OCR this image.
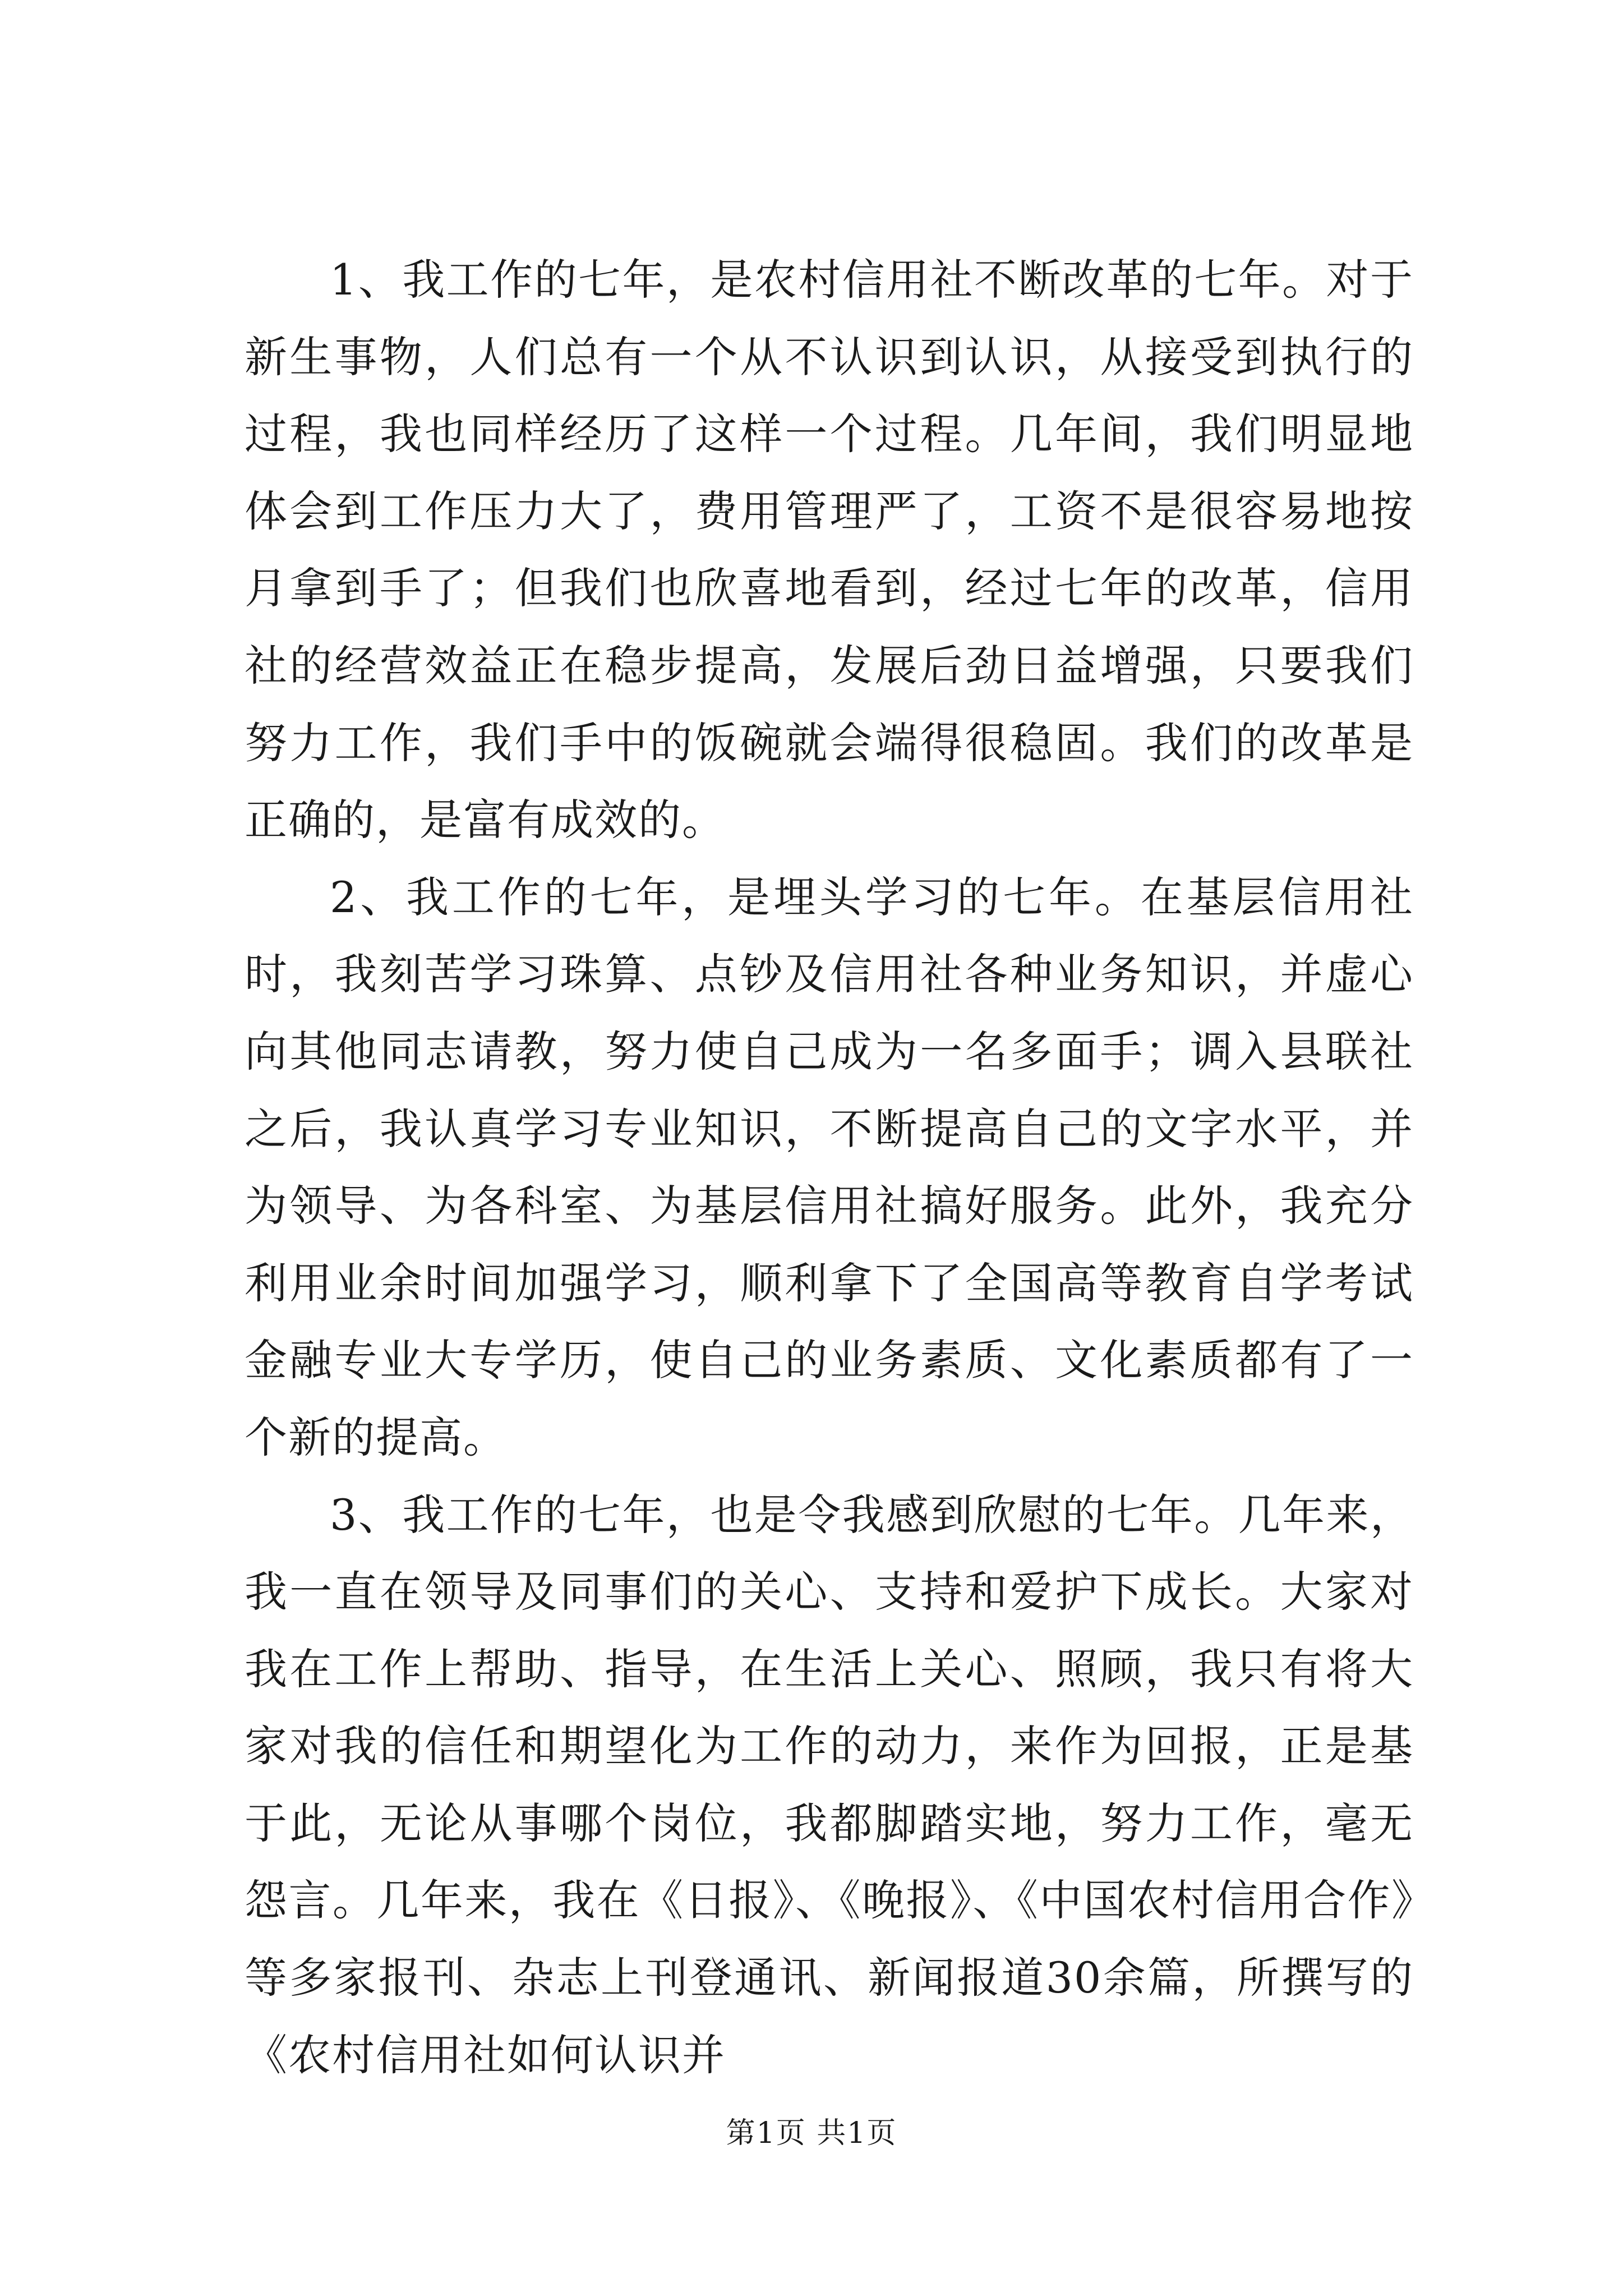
1、我工作的七年，是农村信用社不断改革的七年。对于新生事物，人们总有一个从不认识到认识，从接受到执行的过程，我也同样经历了这样一个过程。几年间，我们明显地体会到工作压力大了，费用管理严了，工资不是很容易地按月拿到手了；但我们也欣喜地看到，经过七年的改革，信用社的经营效益正在稳步提高，发展后劲日益增强，只要我们努力工作，我们手中的饭碗就会端得很稳固。我们的改革是正确的，是富有成效的。

2、我工作的七年，是埋头学习的七年。在基层信用社时，我刻苦学习珠算、点钞及信用社各种业务知识，并虚心向其他同志请教，努力使自己成为一名多面手；调入县联社之后，我认真学习专业知识，不断提高自己的文字水平，并为领导、为各科室、为基层信用社搞好服务。此外，我充分利用业余时间加强学习，顺利拿下了全国高等教育自学考试金融专业大专学历，使自己的业务素质、文化素质都有了一个新的提高。

3、我工作的七年，也是令我感到欣慰的七年。几年来，我一直在领导及同事们的关心、支持和爱护下成长。大家对我在工作上帮助、指导，在生活上关心、照顾，我只有将大家对我的信任和期望化为工作的动力，来作为回报，正是基于此，无论从事哪个岗位，我都脚踏实地，努力工作，毫无怨言。几年来，我在《日报》、《晚报》、《中国农村信用合作》等多家报刊、杂志上刊登通讯、新闻报道30余篇，所撰写的《农村信用社如何认识并

第1页 共1页
